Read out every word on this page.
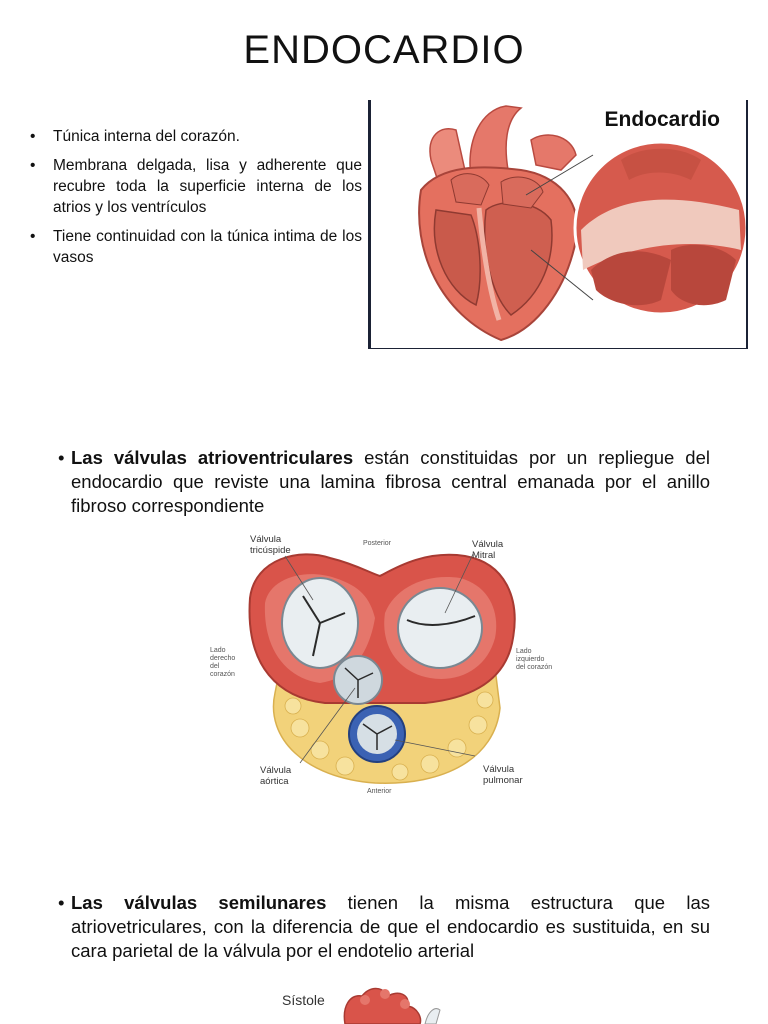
ENDOCARDIO
• Túnica interna del corazón.
• Membrana delgada, lisa y adherente que recubre toda la superficie interna de los atrios y los ventrículos
• Tiene continuidad con la túnica intima de los vasos
Endocardio
• Las válvulas atrioventriculares están constituidas por un repliegue del endocardio que reviste una lamina fibrosa central emanada por el anillo fibroso correspondiente
Válvula tricúspide
Posterior	Válvula Mitral
Lado derecho del corazón
Lado izquierdo del corazón
Válvula aórtica
Válvula pulmonar
Anterior
• Las válvulas semilunares tienen la misma estructura que las atriovetriculares, con la diferencia de que el endocardio es sustituida, en su cara parietal de la válvula por el endotelio arterial
Sístole
